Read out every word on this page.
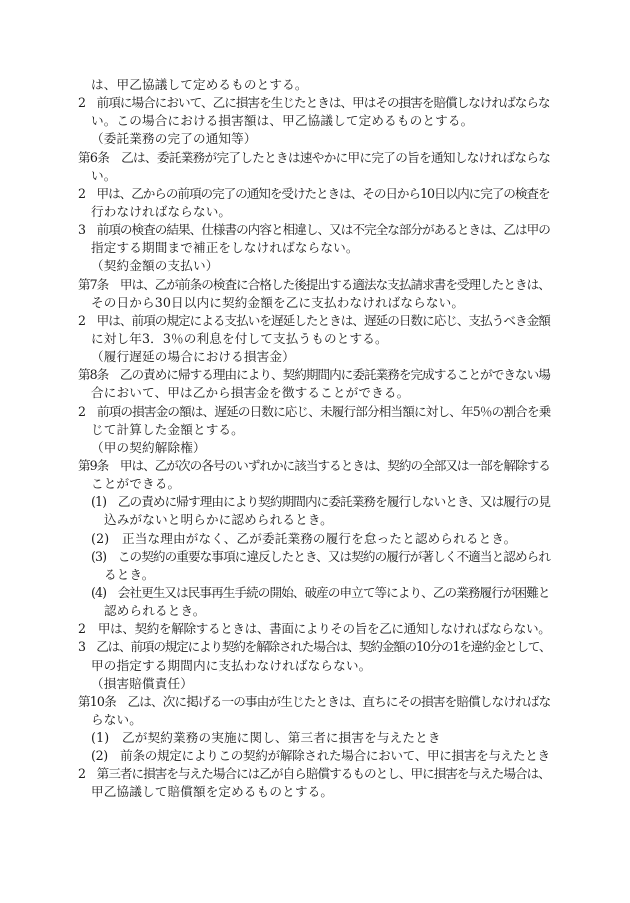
は、甲乙協議して定めるものとする。
2　前項に場合において、乙に損害を生じたときは、甲はその損害を賠償しなければならな
い。この場合における損害額は、甲乙協議して定めるものとする。
（委託業務の完了の通知等）
第6条　乙は、委託業務が完了したときは速やかに甲に完了の旨を通知しなければならな
い。
2　甲は、乙からの前項の完了の通知を受けたときは、その日から10日以内に完了の検査を
行わなければならない。
3　前項の検査の結果、仕様書の内容と相違し、又は不完全な部分があるときは、乙は甲の
指定する期間まで補正をしなければならない。
（契約金額の支払い）
第7条　甲は、乙が前条の検査に合格した後提出する適法な支払請求書を受理したときは、
その日から30日以内に契約金額を乙に支払わなければならない。
2　甲は、前項の規定による支払いを遅延したときは、遅延の日数に応じ、支払うべき金額
に対し年3．3％の利息を付して支払うものとする。
（履行遅延の場合における損害金）
第8条　乙の責めに帰する理由により、契約期間内に委託業務を完成することができない場
合において、甲は乙から損害金を徴することができる。
2　前項の損害金の額は、遅延の日数に応じ、未履行部分相当額に対し、年5％の割合を乗
じて計算した金額とする。
（甲の契約解除権）
第9条　甲は、乙が次の各号のいずれかに該当するときは、契約の全部又は一部を解除する
ことができる。
(1)　乙の責めに帰す理由により契約期間内に委託業務を履行しないとき、又は履行の見
込みがないと明らかに認められるとき。
(2)　正当な理由がなく、乙が委託業務の履行を怠ったと認められるとき。
(3)　この契約の重要な事項に違反したとき、又は契約の履行が著しく不適当と認められ
るとき。
(4)　会社更生又は民事再生手続の開始、破産の申立て等により、乙の業務履行が困難と
認められるとき。
2　甲は、契約を解除するときは、書面によりその旨を乙に通知しなければならない。
3　乙は、前項の規定により契約を解除された場合は、契約金額の10分の1を違約金として、
甲の指定する期間内に支払わなければならない。
（損害賠償責任）
第10条　乙は、次に掲げる一の事由が生じたときは、直ちにその損害を賠償しなければな
らない。
(1)　乙が契約業務の実施に関し、第三者に損害を与えたとき
(2)　前条の規定によりこの契約が解除された場合において、甲に損害を与えたとき
2　第三者に損害を与えた場合には乙が自ら賠償するものとし、甲に損害を与えた場合は、
甲乙協議して賠償額を定めるものとする。
